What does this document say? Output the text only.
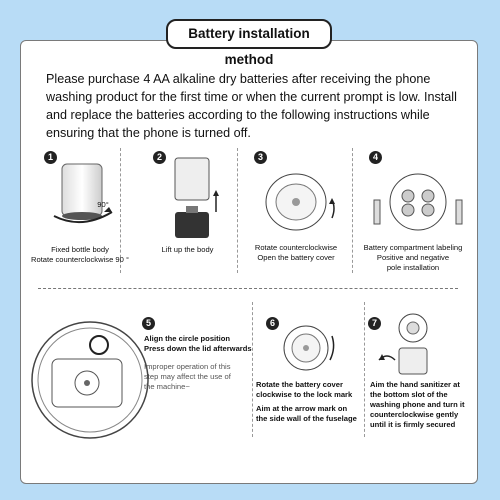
Battery installation method
Please purchase 4 AA alkaline dry batteries after receiving the phone washing product for the first time or when the current prompt is low. Install and replace the batteries according to the following instructions while ensuring that the phone is turned off.
1
90°
Fixed bottle body
Rotate counterclockwise 90 °
2
Lift up the body
3
Rotate counterclockwise
Open the battery cover
4
Battery compartment labeling
Positive and negative
pole installation
5
Align the circle position
Press down the lid afterwards
Improper operation of this
step may affect the use of
the machine~
6
Rotate the battery cover
clockwise to the lock mark
Aim at the arrow mark on
the side wall of the fuselage
7
Aim the hand sanitizer at
the bottom slot of the
washing phone and turn it
counterclockwise gently
until it is firmly secured
